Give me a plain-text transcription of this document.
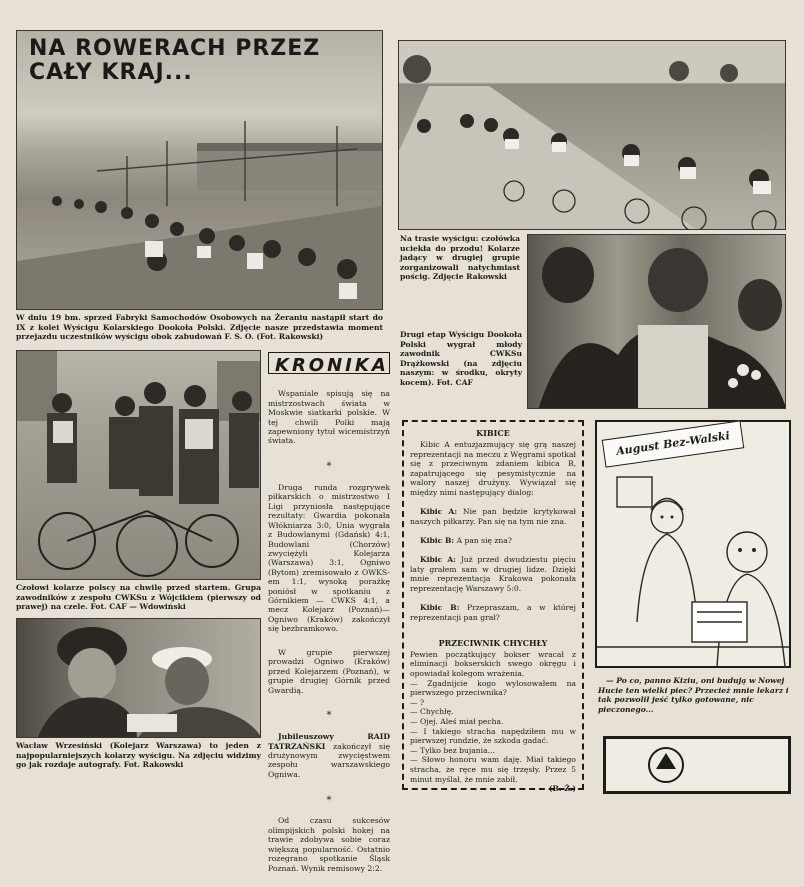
NA ROWERACH PRZEZ CAŁY KRAJ...
W dniu 19 bm. sprzed Fabryki Samochodów Osobowych na Żeraniu nastąpił start do IX z kolei Wyścigu Kolarskiego Dookoła Polski. Zdjęcie nasze przedstawia moment przejazdu uczestników wyścigu obok zabudowań F. S. O. (Fot. Rakowski)
Na trasie wyścigu: czołówka uciekła do przodu! Kolarze jadący w drugiej grupie zorganizowali natychmiast pościg. Zdjęcie Rakowski
Drugi etap Wyścigu Dookoła Polski wygrał młody zawodnik CWKSu Drążkowski (na zdjęciu naszym: w środku, okryty kocem). Fot. CAF
Czołowi kolarze polscy na chwilę przed startem. Grupa zawodników z zespołu CWKSu z Wójcikiem (pierwszy od prawej) na czele. Fot. CAF — Wdowiński
Wacław Wrzesiński (Kolejarz Warszawa) to jeden z najpopularniejszych kolarzy wyścigu. Na zdjęciu widzimy go jak rozdaje autografy. Fot. Rakowski
KRONIKA

Wspaniale spisują się na mistrzostwach świata w Moskwie siatkarki polskie. W tej chwili Polki mają zapewniony tytuł wicemistrzyń świata.

*

Druga runda rozgrywek piłkarskich o mistrzostwo I Ligi przyniosła następujące rezultaty: Gwardia pokonała Włókniarza 3:0, Unia wygrała z Budowlanymi (Gdańsk) 4:1, Budowlani (Chorzów) zwyciężyli Kolejarza (Warszawa) 3:1, Ogniwo (Bytom) zremisowało z OWKS-em 1:1, wysoką porażkę poniósł w spotkaniu z Górnikiem — CWKS 4:1, a mecz Kolejarz (Poznań)—Ogniwo (Kraków) zakończył się bezbramkowo.

W grupie pierwszej prowadzi Ogniwo (Kraków) przed Kolejarzem (Poznań), w grupie drugiej Górnik przed Gwardią.

*

Jubileuszowy RAID TATRZAŃSKI zakończył się drużynowym zwycięstwem zespołu warszawskiego Ogniwa.

*

Od czasu sukcesów olimpijskich polski hokej na trawie zdobywa sobie coraz większą popularność. Ostatnio rozegrano spotkanie Śląsk Poznań. Wynik remisowy 2:2.

KIBICE
Kibic A entuzjazmujący się grą naszej reprezentacji na meczu z Węgrami spotkał się z przeciwnym zdaniem kibica B, zapatrującego się pesymistycznie na walory naszej drużyny. Wywiązał się między nimi następujący dialog:

Kibic A: Nie pan będzie krytykował naszych piłkarzy. Pan się na tym nie zna.

Kibic B: A pan się zna?

Kibic A: Już przed dwudziestu pięciu laty grałem sam w drugiej lidze. Dzięki mnie reprezentacja Krakowa pokonała reprezentację Warszawy 5:0.

Kibic B: Przepraszam, a w której reprezentacji pan grał?

PRZECIWNIK CHYCHŁY
Pewien początkujący bokser wracał z eliminacji bokserskich swego okręgu i opowiadał kolegom wrażenia.
— Zgadnijcie kogo wylosowałem na pierwszego przeciwnika?
— ?
— Chychłę.
— Ojej. Aleś miał pecha.
— I takiego stracha napędziłem mu w pierwszej rundzie, że szkoda gadać.
— Tylko bez bujania...
— Słowo honoru wam daję. Miał takiego stracha, że ręce mu się trzęsły. Przez 5 minut myślał, że mnie zabił.
(B. Ż.)
August Bez-Walski
— Po co, panno Kiziu, oni budują w Nowej Hucie ten wielki piec? Przecież mnie lekarz i tak pozwolił jeść tylko gotowane, nic pieczonego...
